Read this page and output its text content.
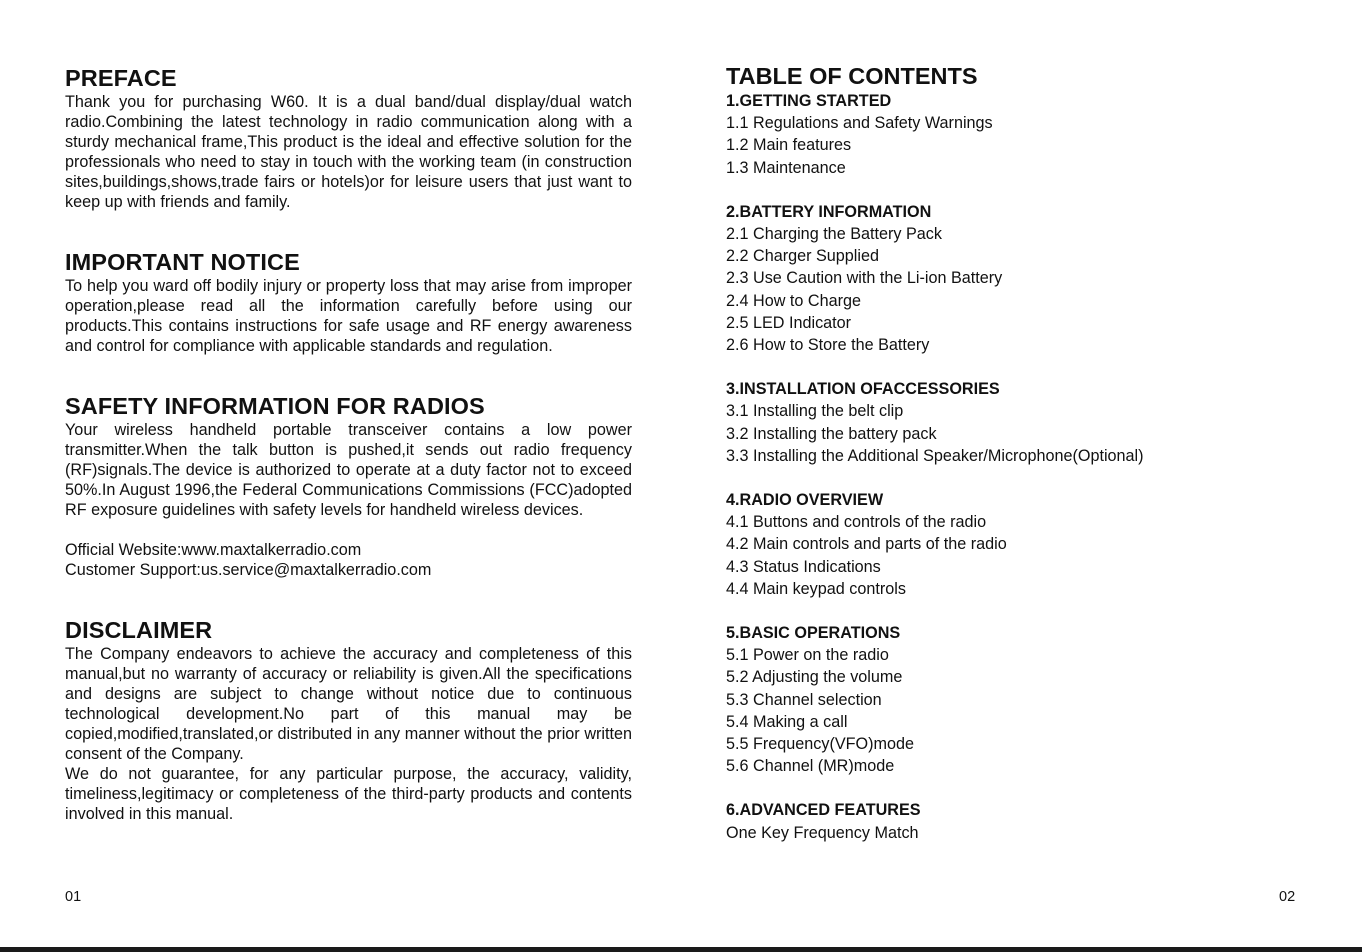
PREFACE

Thank you for purchasing W60. It is a dual band/dual display/dual watch radio.Combining the latest technology in radio communication along with a sturdy mechanical frame,This product is the ideal and effective solution for the professionals who need to stay in touch with the working team (in construction sites,buildings,shows,trade fairs or hotels)or for leisure users that just want to keep up with friends and family.

IMPORTANT NOTICE

To help you ward off bodily injury or property loss that may arise from improper operation,please read all the information carefully before using our products.This contains instructions for safe usage and RF energy awareness and control for compliance with applicable standards and regulation.

SAFETY INFORMATION FOR RADIOS

Your wireless handheld portable transceiver contains a low power transmitter.When the talk button is pushed,it sends out radio frequency (RF)signals.The device is authorized to operate at a duty factor not to exceed 50%.In August 1996,the Federal Communications Commissions (FCC)adopted RF exposure guidelines with safety levels for handheld wireless devices.

Official Website:www.maxtalkerradio.com

Customer Support:us.service@maxtalkerradio.com

DISCLAIMER

The Company endeavors to achieve the accuracy and completeness of this manual,but no warranty of accuracy or reliability is given.All the specifications and designs are subject to change without notice due to continuous technological development.No part of this manual may be copied,modified,translated,or distributed in any manner without the prior written consent of the Company.

We do not guarantee, for any particular purpose, the accuracy, validity, timeliness,legitimacy or completeness of the third-party products and contents involved in this manual.

TABLE OF CONTENTS

1.GETTING STARTED

1.1 Regulations and Safety Warnings

1.2 Main features

1.3 Maintenance

2.BATTERY INFORMATION

2.1 Charging the Battery Pack

2.2 Charger Supplied

2.3 Use Caution with the Li-ion Battery

2.4 How to Charge

2.5 LED Indicator

2.6 How to Store the Battery

3.INSTALLATION OFACCESSORIES

3.1 Installing the belt clip

3.2 Installing the battery pack

3.3 Installing the Additional Speaker/Microphone(Optional)

4.RADIO OVERVIEW

4.1 Buttons and controls of the radio

4.2 Main controls and parts of the radio

4.3 Status Indications

4.4 Main keypad controls

5.BASIC OPERATIONS

5.1 Power on the radio

5.2 Adjusting the volume

5.3 Channel selection

5.4 Making a call

5.5 Frequency(VFO)mode

5.6 Channel (MR)mode

6.ADVANCED FEATURES

One Key Frequency Match

01	02
